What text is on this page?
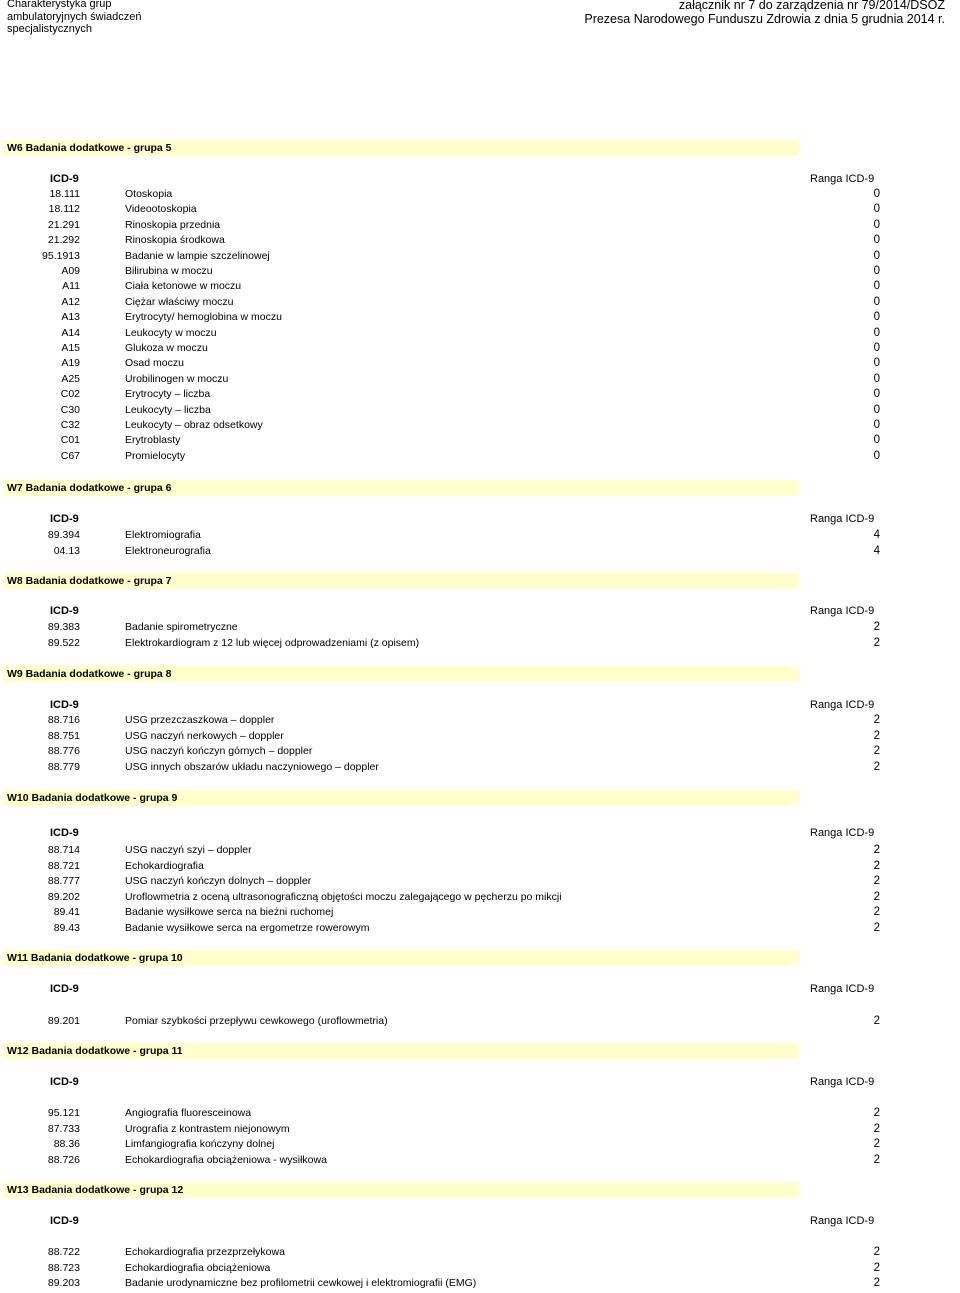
Charakterystyka grup
ambulatoryjnych świadczeń
specjalistycznych
załącznik nr 7 do zarządzenia nr 79/2014/DSOZ
Prezesa Narodowego Funduszu Zdrowia z dnia 5 grudnia 2014 r.
W6 Badania dodatkowe - grupa 5
ICD-9	Ranga ICD-9
18.111	Otoskopia	0
18.112	Videootoskopia	0
21.291	Rinoskopia przednia	0
21.292	Rinoskopia środkowa	0
95.1913	Badanie w lampie szczelinowej	0
A09	Bilirubina w moczu	0
A11	Ciała ketonowe w moczu	0
A12	Ciężar właściwy moczu	0
A13	Erytrocyty/ hemoglobina w moczu	0
A14	Leukocyty w moczu	0
A15	Glukoza w moczu	0
A19	Osad moczu	0
A25	Urobilinogen w moczu	0
C02	Erytrocyty – liczba	0
C30	Leukocyty – liczba	0
C32	Leukocyty – obraz odsetkowy	0
C01	Erytroblasty	0
C67	Promielocyty	0
W7 Badania dodatkowe - grupa 6
ICD-9	Ranga ICD-9
89.394	Elektromiografia	4
04.13	Elektroneurografia	4
W8 Badania dodatkowe - grupa 7
ICD-9	Ranga ICD-9
89.383	Badanie spirometryczne	2
89.522	Elektrokardiogram z 12 lub więcej odprowadzeniami (z opisem)	2
W9 Badania dodatkowe - grupa 8
ICD-9	Ranga ICD-9
88.716	USG przezczaszkowa – doppler	2
88.751	USG naczyń nerkowych – doppler	2
88.776	USG naczyń kończyn górnych – doppler	2
88.779	USG innych obszarów układu naczyniowego – doppler	2
W10 Badania dodatkowe - grupa 9
ICD-9	Ranga ICD-9
88.714	USG naczyń szyi – doppler	2
88.721	Echokardiografia	2
88.777	USG naczyń kończyn dolnych – doppler	2
89.202	Uroflowmetria z oceną ultrasonograficzną objętości moczu zalegającego w pęcherzu po mikcji	2
89.41	Badanie wysiłkowe serca na bieżni ruchomej	2
89.43	Badanie wysiłkowe serca na ergometrze rowerowym	2
W11 Badania dodatkowe - grupa 10
ICD-9	Ranga ICD-9
89.201	Pomiar szybkości przepływu cewkowego (uroflowmetria)	2
W12 Badania dodatkowe - grupa 11
ICD-9	Ranga ICD-9
95.121	Angiografia fluoresceinowa	2
87.733	Urografia z kontrastem niejonowym	2
88.36	Limfangiografia kończyny dolnej	2
88.726	Echokardiografia obciążeniowa - wysiłkowa	2
W13 Badania dodatkowe - grupa 12
ICD-9	Ranga ICD-9
88.722	Echokardiografia przezprzełykowa	2
88.723	Echokardiografia obciążeniowa	2
89.203	Badanie urodynamiczne bez profilometrii cewkowej i elektromiografii (EMG)	2
